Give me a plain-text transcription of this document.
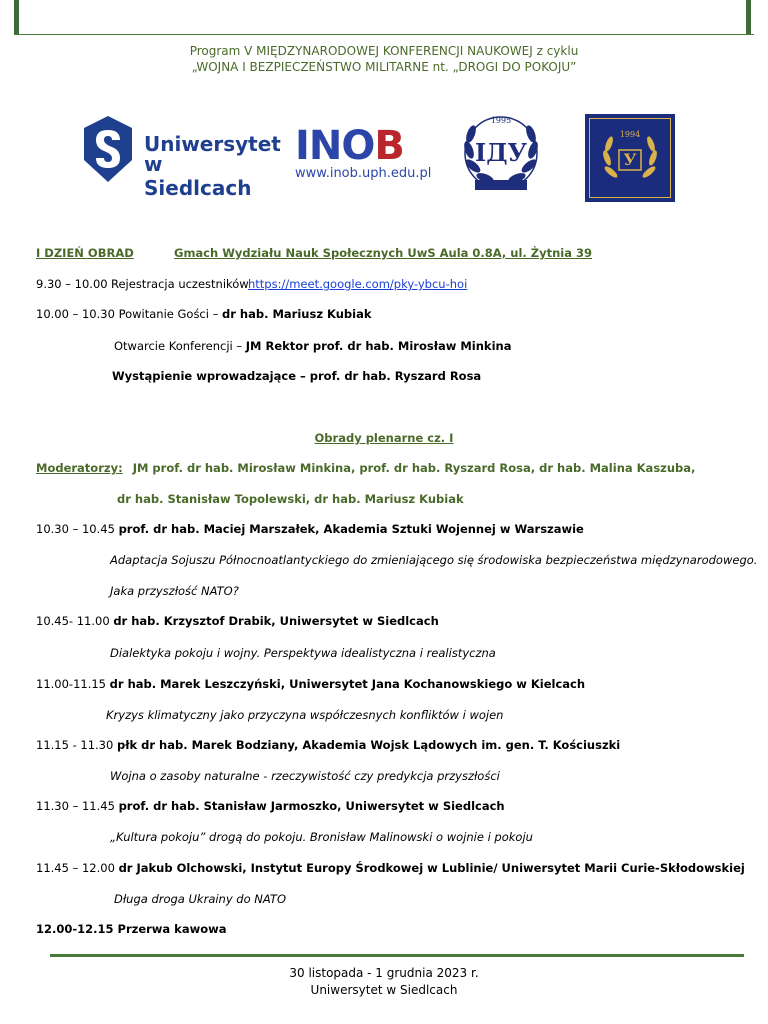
Program V MIĘDZYNARODOWEJ KONFERENCJI NAUKOWEJ z cyklu
„WOJNA I BEZPIECZEŃSTWO MILITARNE nt. „DROGI DO POKOJU”
Uniwersytet
w Siedlcach
INOB
www.inob.uph.edu.pl
1995
IДУ
1994
У
I DZIEŃ OBRAD	Gmach Wydziału Nauk Społecznych UwS Aula 0.8A, ul. Żytnia 39
9.30 – 10.00 Rejestracja uczestników https://meet.google.com/pky-ybcu-hoi
10.00 – 10.30 Powitanie Gości – dr hab. Mariusz Kubiak
Otwarcie Konferencji – JM Rektor prof. dr hab. Mirosław Minkina
Wystąpienie wprowadzające – prof. dr hab. Ryszard Rosa
Obrady plenarne cz. I
Moderatorzy: JM prof. dr hab. Mirosław Minkina, prof. dr hab. Ryszard Rosa, dr hab. Malina Kaszuba,
dr hab. Stanisław Topolewski, dr hab. Mariusz Kubiak
10.30 – 10.45 prof. dr hab. Maciej Marszałek, Akademia Sztuki Wojennej w Warszawie
Adaptacja Sojuszu Północnoatlantyckiego do zmieniającego się środowiska bezpieczeństwa międzynarodowego.
Jaka przyszłość NATO?
10.45- 11.00 dr hab. Krzysztof Drabik, Uniwersytet w Siedlcach
Dialektyka pokoju i wojny. Perspektywa idealistyczna i realistyczna
11.00-11.15 dr hab. Marek Leszczyński, Uniwersytet Jana Kochanowskiego w Kielcach
Kryzys klimatyczny jako przyczyna współczesnych konfliktów i wojen
11.15 - 11.30 płk dr hab. Marek Bodziany, Akademia Wojsk Lądowych im. gen. T. Kościuszki
Wojna o zasoby naturalne - rzeczywistość czy predykcja przyszłości
11.30 – 11.45 prof. dr hab. Stanisław Jarmoszko, Uniwersytet w Siedlcach
„Kultura pokoju” drogą do pokoju. Bronisław Malinowski o wojnie i pokoju
11.45 – 12.00 dr Jakub Olchowski, Instytut Europy Środkowej w Lublinie/ Uniwersytet Marii Curie-Skłodowskiej
Długa droga Ukrainy do NATO
12.00-12.15 Przerwa kawowa
30 listopada - 1 grudnia 2023 r.
Uniwersytet w Siedlcach
